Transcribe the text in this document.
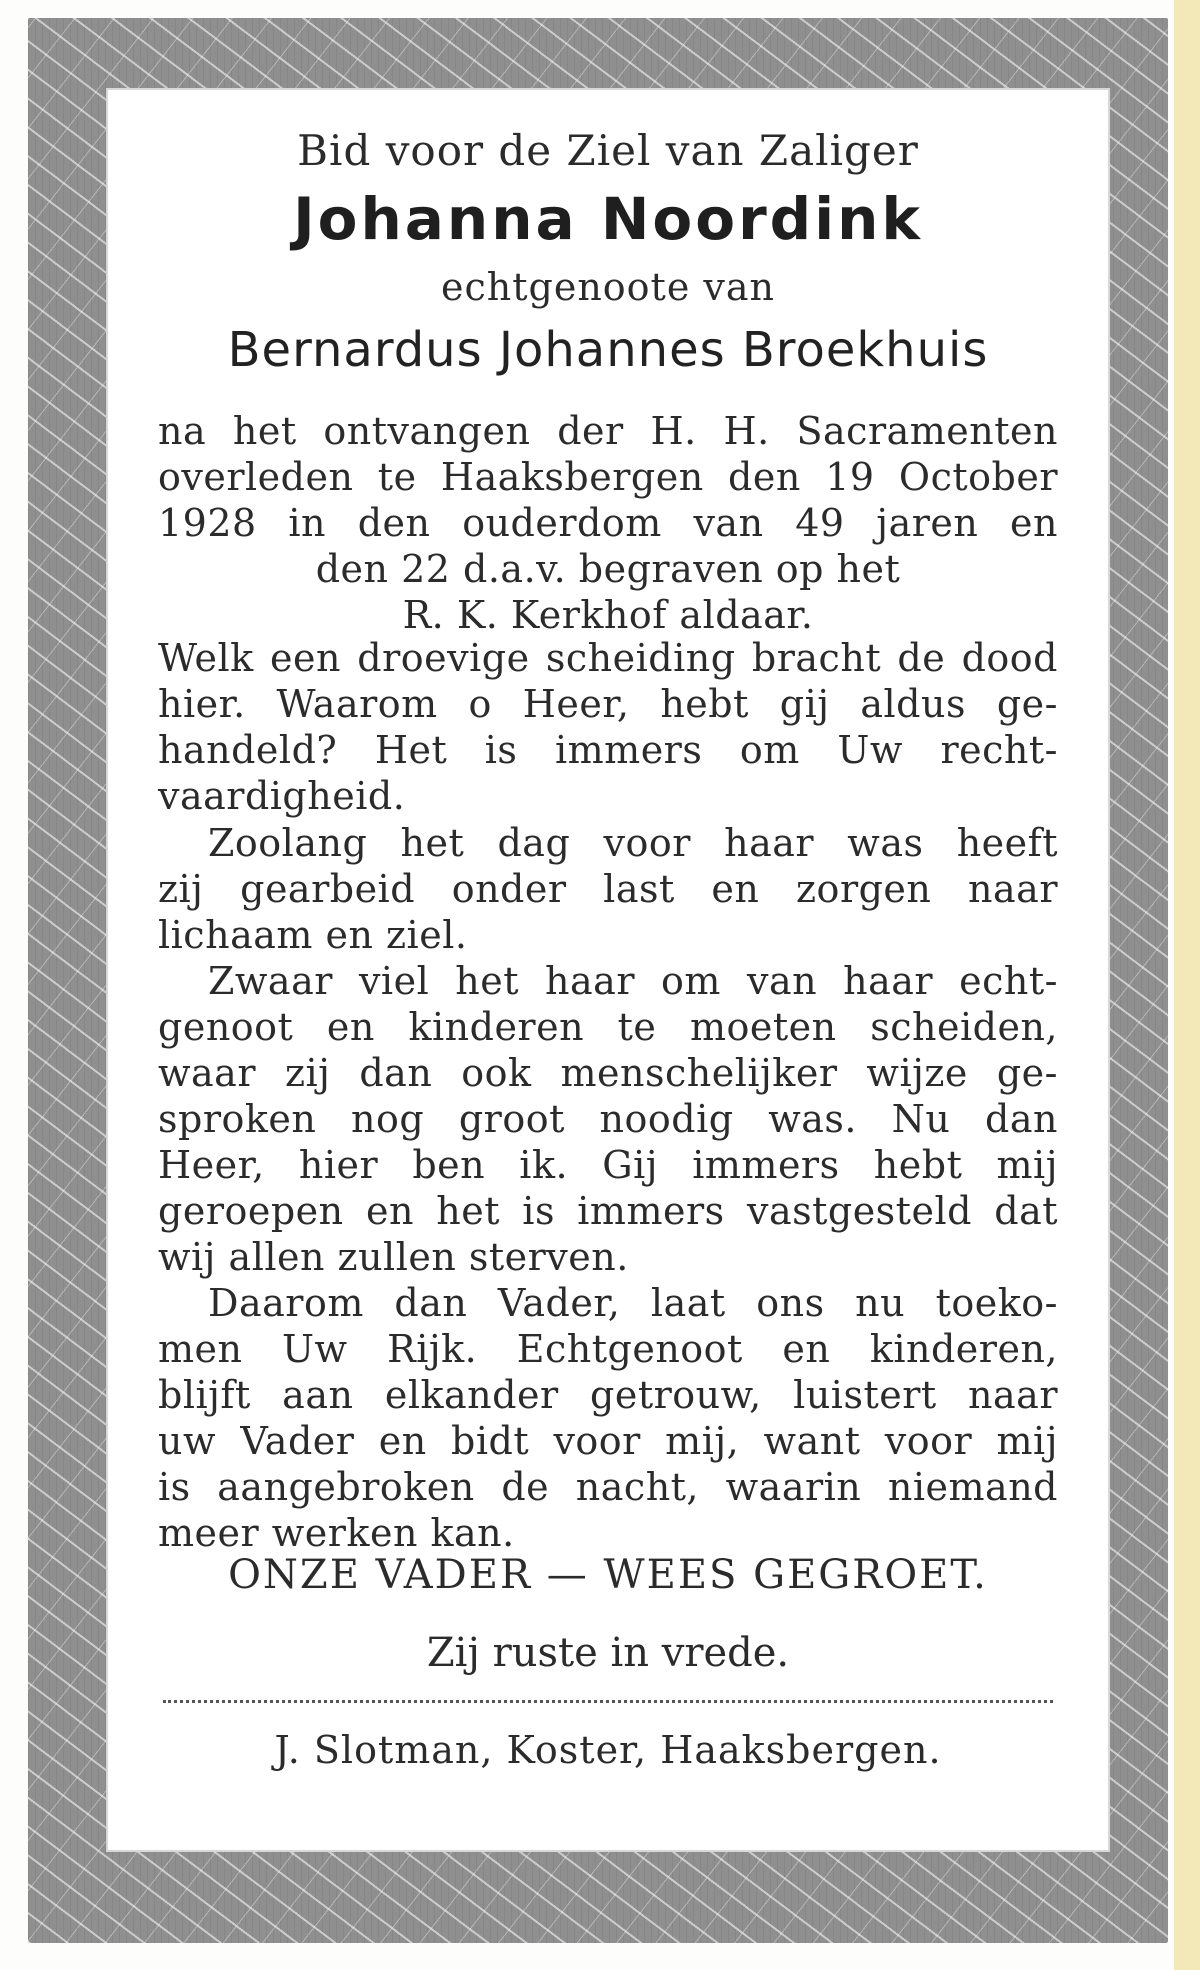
Bid voor de Ziel van Zaliger
Johanna Noordink
echtgenoote van
Bernardus Johannes Broekhuis
na het ontvangen der H. H. Sacramenten
overleden te Haaksbergen den 19 October
1928 in den ouderdom van 49 jaren en
den 22 d.a.v. begraven op het
R. K. Kerkhof aldaar.
Welk een droevige scheiding bracht de dood
hier. Waarom o Heer, hebt gij aldus ge-
handeld? Het is immers om Uw recht-
vaardigheid.
Zoolang het dag voor haar was heeft
zij gearbeid onder last en zorgen naar
lichaam en ziel.
Zwaar viel het haar om van haar echt-
genoot en kinderen te moeten scheiden,
waar zij dan ook menschelijker wijze ge-
sproken nog groot noodig was. Nu dan
Heer, hier ben ik. Gij immers hebt mij
geroepen en het is immers vastgesteld dat
wij allen zullen sterven.
Daarom dan Vader, laat ons nu toeko-
men Uw Rijk. Echtgenoot en kinderen,
blijft aan elkander getrouw, luistert naar
uw Vader en bidt voor mij, want voor mij
is aangebroken de nacht, waarin niemand
meer werken kan.
ONZE VADER — WEES GEGROET.
Zij ruste in vrede.
J. Slotman, Koster, Haaksbergen.
